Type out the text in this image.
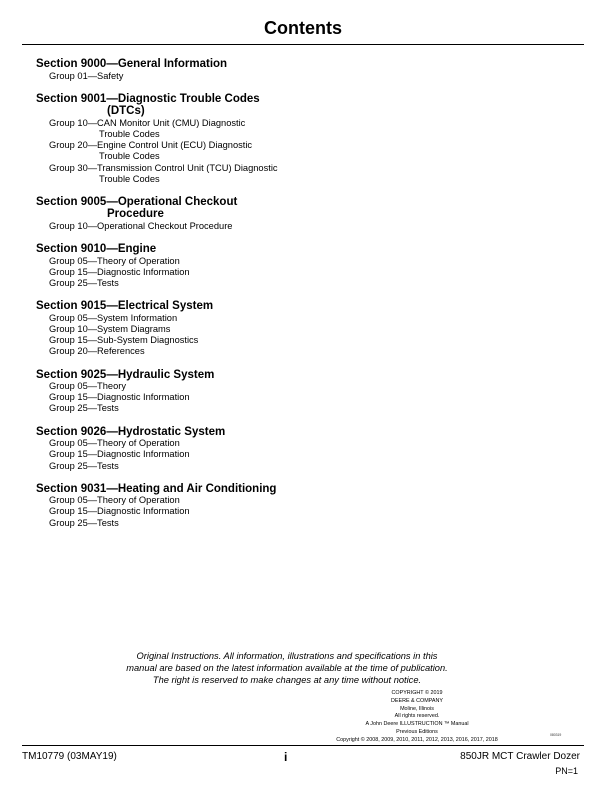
Contents
Section 9000—General Information
Group 01—Safety
Section 9001—Diagnostic Trouble Codes
(DTCs)
Group 10—CAN Monitor Unit (CMU) Diagnostic
Trouble Codes
Group 20—Engine Control Unit (ECU) Diagnostic
Trouble Codes
Group 30—Transmission Control Unit (TCU) Diagnostic
Trouble Codes
Section 9005—Operational Checkout
Procedure
Group 10—Operational Checkout Procedure
Section 9010—Engine
Group 05—Theory of Operation
Group 15—Diagnostic Information
Group 25—Tests
Section 9015—Electrical System
Group 05—System Information
Group 10—System Diagrams
Group 15—Sub-System Diagnostics
Group 20—References
Section 9025—Hydraulic System
Group 05—Theory
Group 15—Diagnostic Information
Group 25—Tests
Section 9026—Hydrostatic System
Group 05—Theory of Operation
Group 15—Diagnostic Information
Group 25—Tests
Section 9031—Heating and Air Conditioning
Group 05—Theory of Operation
Group 15—Diagnostic Information
Group 25—Tests
Original Instructions. All information, illustrations and specifications in this
manual are based on the latest information available at the time of publication.
The right is reserved to make changes at any time without notice.
COPYRIGHT © 2019
DEERE & COMPANY
Moline, Illinois
All rights reserved.
A John Deere ILLUSTRUCTION ™ Manual
Previous Editions
Copyright © 2008, 2009, 2010, 2011, 2012, 2013, 2016, 2017, 2018
080319
TM10779 (03MAY19)	i	850JR MCT Crawler Dozer
PN=1
